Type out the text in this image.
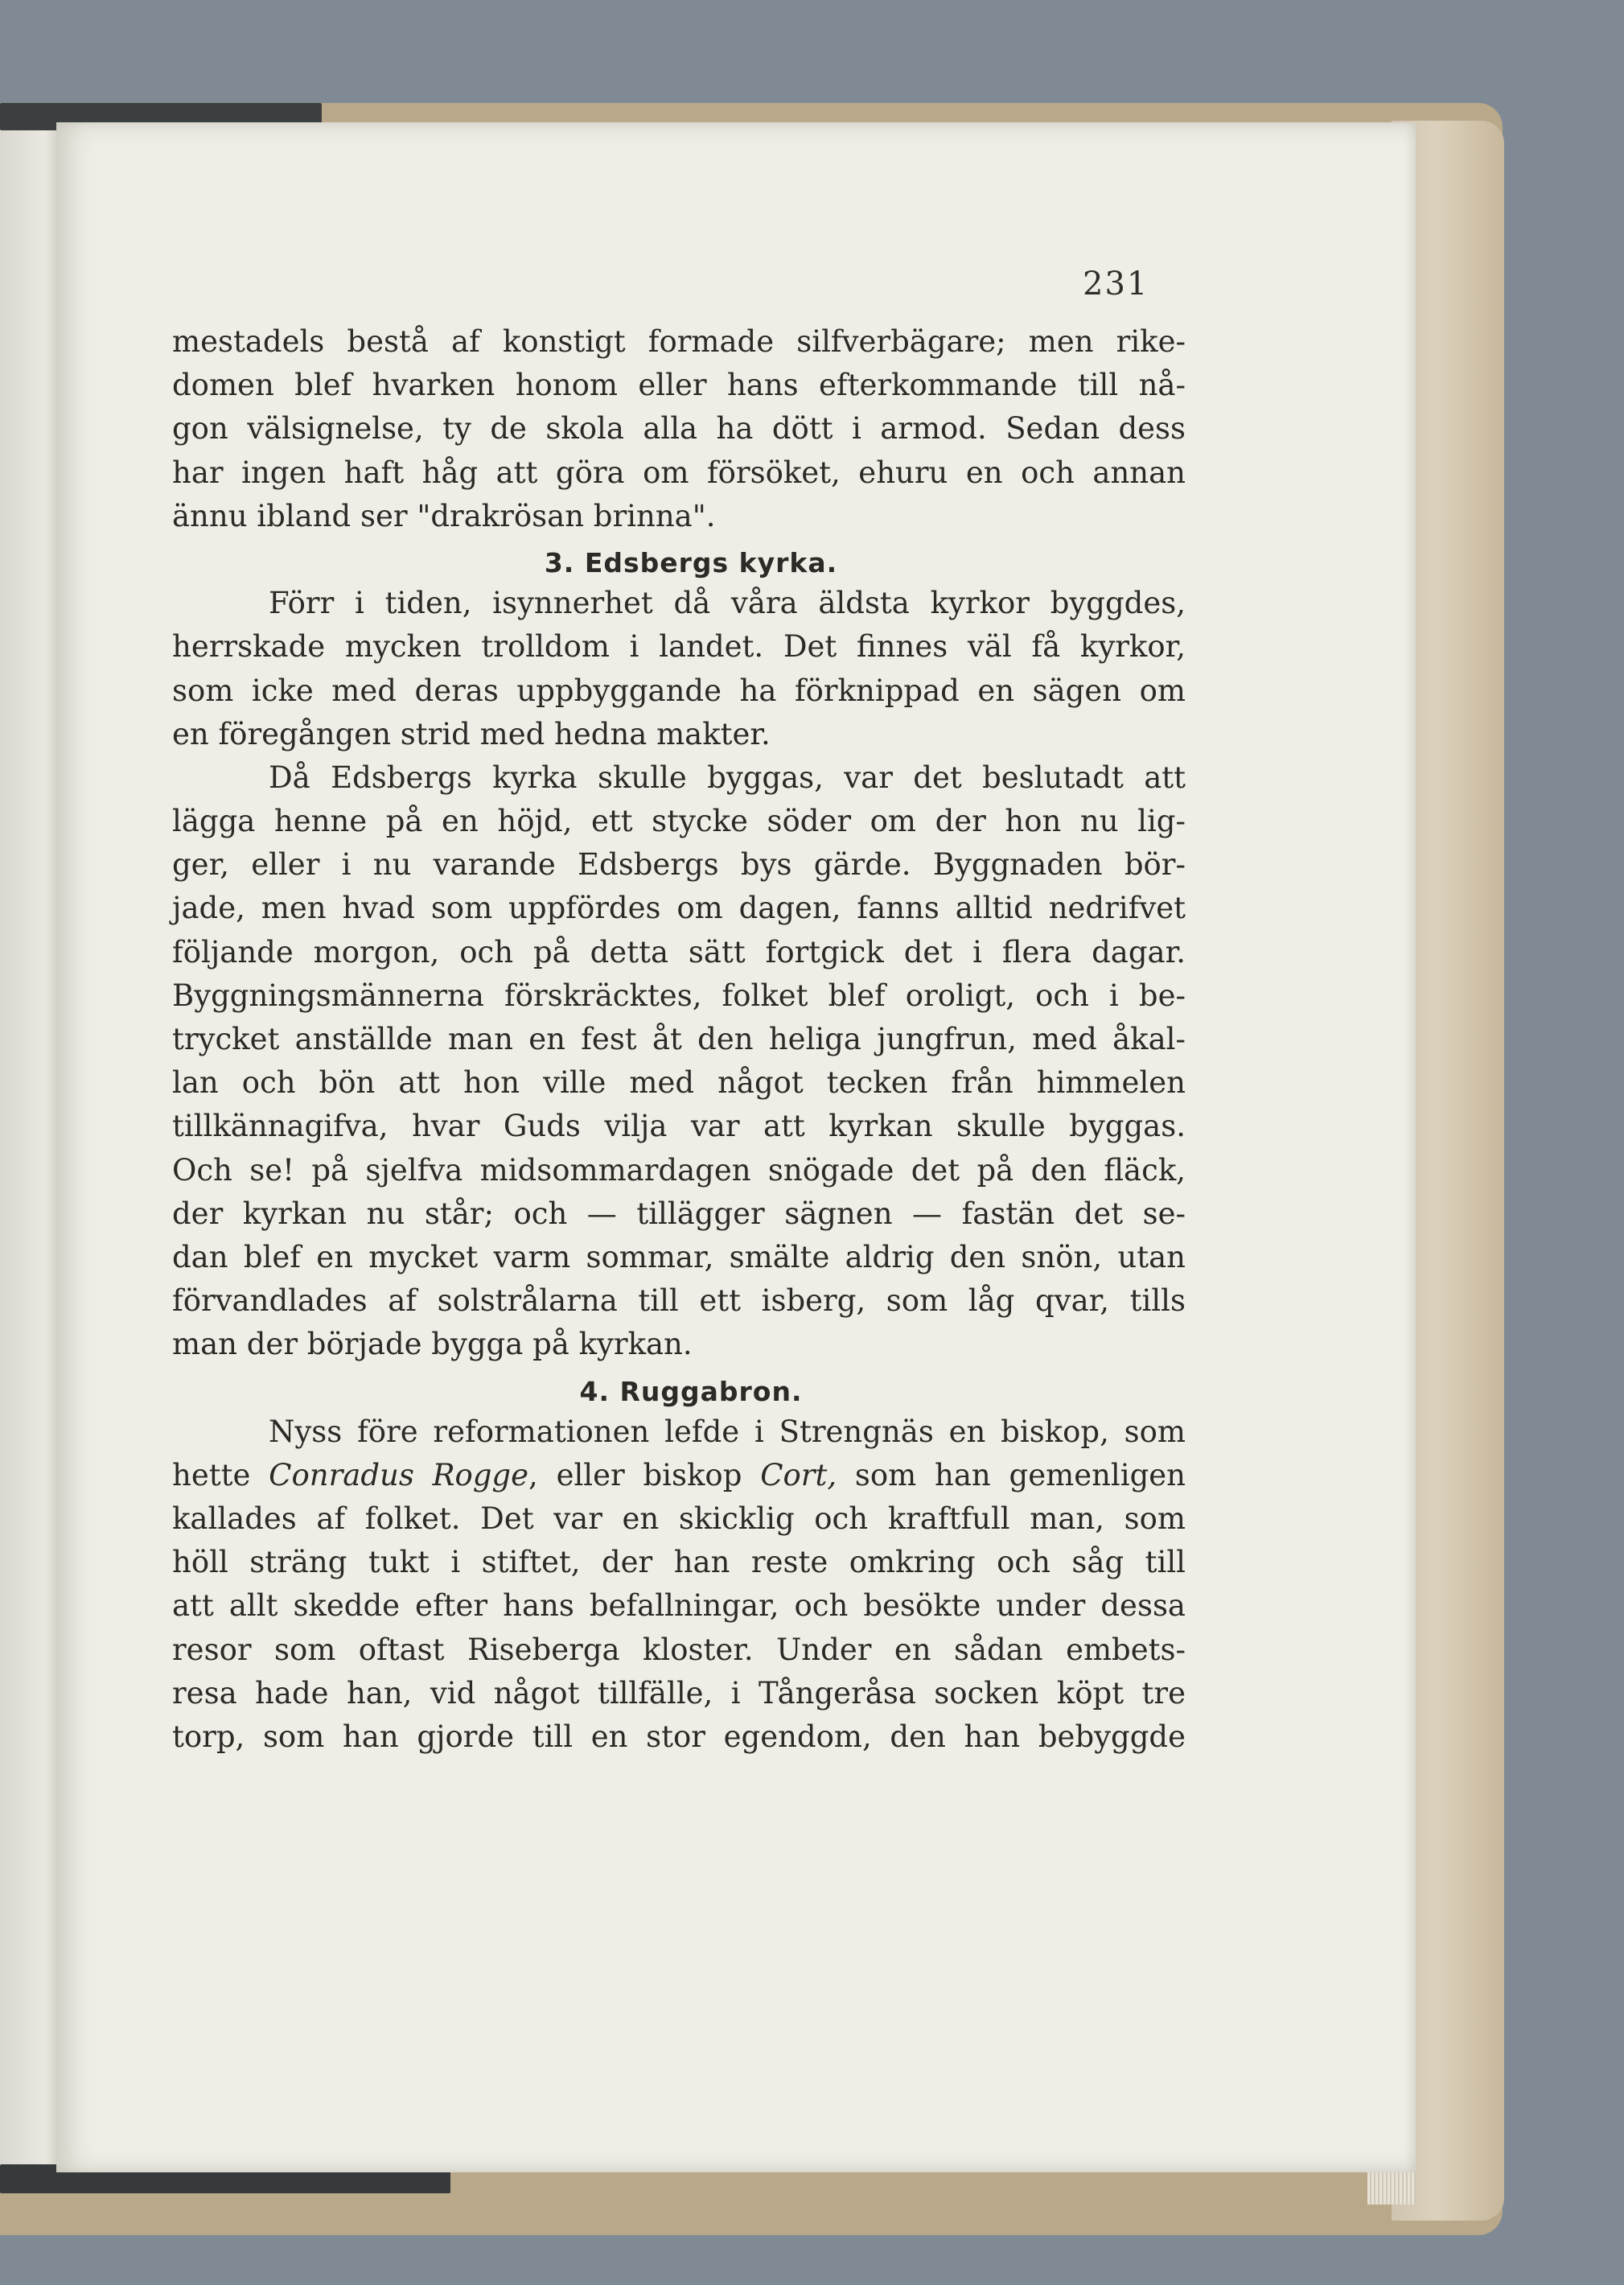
231
mestadels bestå af konstigt formade silfverbägare; men rike-
domen blef hvarken honom eller hans efterkommande till nå-
gon välsignelse, ty de skola alla ha dött i armod. Sedan dess
har ingen haft håg att göra om försöket, ehuru en och annan
ännu ibland ser "drakrösan brinna".
3. Edsbergs kyrka.
Förr i tiden, isynnerhet då våra äldsta kyrkor byggdes,
herrskade mycken trolldom i landet. Det finnes väl få kyrkor,
som icke med deras uppbyggande ha förknippad en sägen om
en föregången strid med hedna makter.
Då Edsbergs kyrka skulle byggas, var det beslutadt att
lägga henne på en höjd, ett stycke söder om der hon nu lig-
ger, eller i nu varande Edsbergs bys gärde. Byggnaden bör-
jade, men hvad som uppfördes om dagen, fanns alltid nedrifvet
följande morgon, och på detta sätt fortgick det i flera dagar.
Byggningsmännerna förskräcktes, folket blef oroligt, och i be-
trycket anställde man en fest åt den heliga jungfrun, med åkal-
lan och bön att hon ville med något tecken från himmelen
tillkännagifva, hvar Guds vilja var att kyrkan skulle byggas.
Och se! på sjelfva midsommardagen snögade det på den fläck,
der kyrkan nu står; och — tillägger sägnen — fastän det se-
dan blef en mycket varm sommar, smälte aldrig den snön, utan
förvandlades af solstrålarna till ett isberg, som låg qvar, tills
man der började bygga på kyrkan.
4. Ruggabron.
Nyss före reformationen lefde i Strengnäs en biskop, som
hette Conradus Rogge, eller biskop Cort, som han gemenligen
kallades af folket. Det var en skicklig och kraftfull man, som
höll sträng tukt i stiftet, der han reste omkring och såg till
att allt skedde efter hans befallningar, och besökte under dessa
resor som oftast Riseberga kloster. Under en sådan embets-
resa hade han, vid något tillfälle, i Tångeråsa socken köpt tre
torp, som han gjorde till en stor egendom, den han bebyggde
